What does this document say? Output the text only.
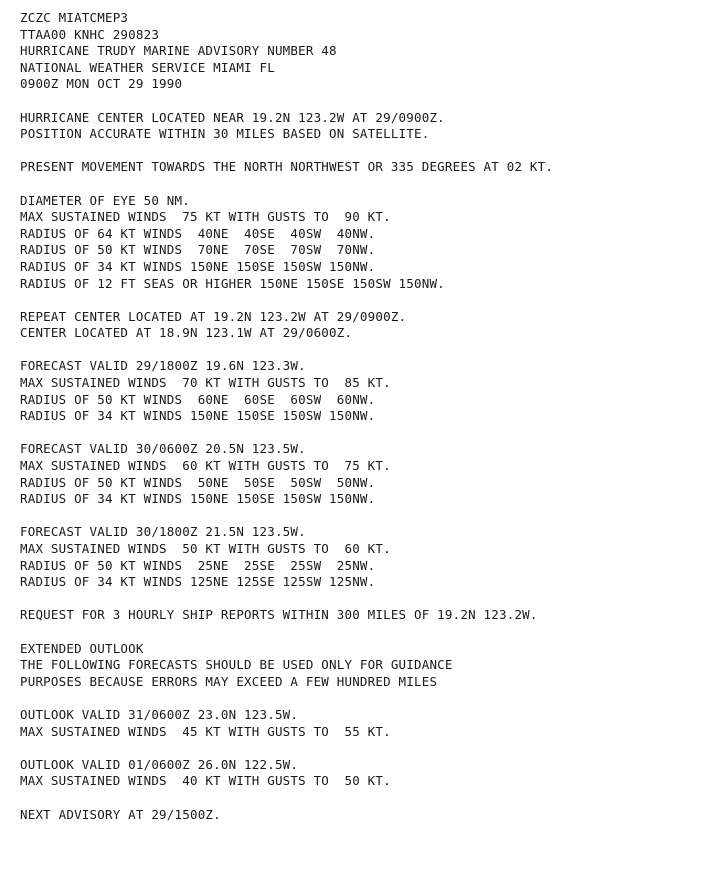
ZCZC MIATCMEP3
TTAA00 KNHC 290823
HURRICANE TRUDY MARINE ADVISORY NUMBER 48
NATIONAL WEATHER SERVICE MIAMI FL
0900Z MON OCT 29 1990
HURRICANE CENTER LOCATED NEAR 19.2N 123.2W AT 29/0900Z.
POSITION ACCURATE WITHIN 30 MILES BASED ON SATELLITE.
PRESENT MOVEMENT TOWARDS THE NORTH NORTHWEST OR 335 DEGREES AT 02 KT.
DIAMETER OF EYE 50 NM.
MAX SUSTAINED WINDS  75 KT WITH GUSTS TO  90 KT.
RADIUS OF 64 KT WINDS  40NE  40SE  40SW  40NW.
RADIUS OF 50 KT WINDS  70NE  70SE  70SW  70NW.
RADIUS OF 34 KT WINDS 150NE 150SE 150SW 150NW.
RADIUS OF 12 FT SEAS OR HIGHER 150NE 150SE 150SW 150NW.
REPEAT CENTER LOCATED AT 19.2N 123.2W AT 29/0900Z.
CENTER LOCATED AT 18.9N 123.1W AT 29/0600Z.
FORECAST VALID 29/1800Z 19.6N 123.3W.
MAX SUSTAINED WINDS  70 KT WITH GUSTS TO  85 KT.
RADIUS OF 50 KT WINDS  60NE  60SE  60SW  60NW.
RADIUS OF 34 KT WINDS 150NE 150SE 150SW 150NW.
FORECAST VALID 30/0600Z 20.5N 123.5W.
MAX SUSTAINED WINDS  60 KT WITH GUSTS TO  75 KT.
RADIUS OF 50 KT WINDS  50NE  50SE  50SW  50NW.
RADIUS OF 34 KT WINDS 150NE 150SE 150SW 150NW.
FORECAST VALID 30/1800Z 21.5N 123.5W.
MAX SUSTAINED WINDS  50 KT WITH GUSTS TO  60 KT.
RADIUS OF 50 KT WINDS  25NE  25SE  25SW  25NW.
RADIUS OF 34 KT WINDS 125NE 125SE 125SW 125NW.
REQUEST FOR 3 HOURLY SHIP REPORTS WITHIN 300 MILES OF 19.2N 123.2W.
EXTENDED OUTLOOK
THE FOLLOWING FORECASTS SHOULD BE USED ONLY FOR GUIDANCE
PURPOSES BECAUSE ERRORS MAY EXCEED A FEW HUNDRED MILES
OUTLOOK VALID 31/0600Z 23.0N 123.5W.
MAX SUSTAINED WINDS  45 KT WITH GUSTS TO  55 KT.
OUTLOOK VALID 01/0600Z 26.0N 122.5W.
MAX SUSTAINED WINDS  40 KT WITH GUSTS TO  50 KT.
NEXT ADVISORY AT 29/1500Z.
